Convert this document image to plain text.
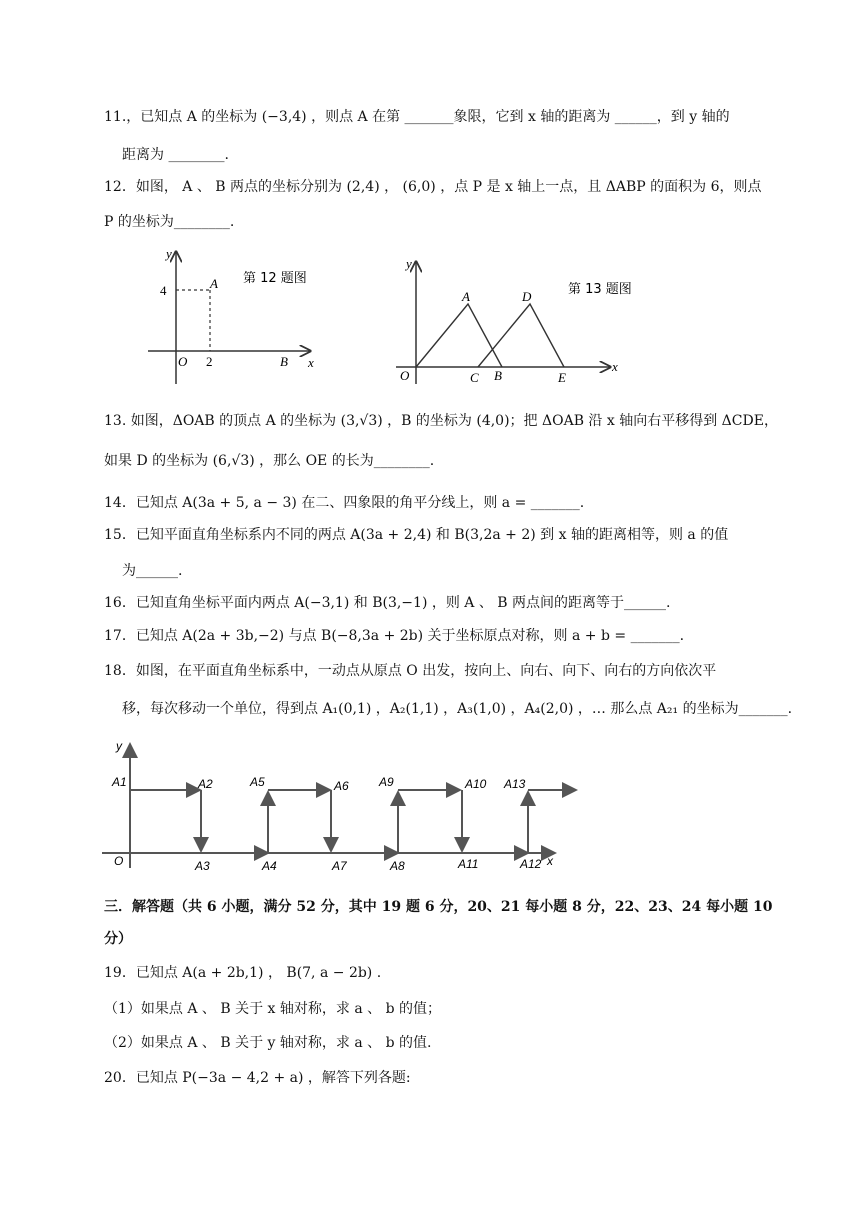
11.，已知点 A 的坐标为 (−3,4) ，则点 A 在第 _______象限，它到 x 轴的距离为 ______，到 y 轴的
距离为 ________.
12．如图， A 、 B 两点的坐标分别为 (2,4) ， (6,0) ，点 P 是 x 轴上一点，且 ΔABP 的面积为 6，则点
P 的坐标为________.
y
4	A
O 2	B x
第 12 题图
y
A	D
O	C B	E
x
第 13 题图
13. 如图，ΔOAB 的顶点 A 的坐标为 (3,√3) ，B 的坐标为 (4,0)；把 ΔOAB 沿 x 轴向右平移得到 ΔCDE，
如果 D 的坐标为 (6,√3) ，那么 OE 的长为________.
14．已知点 A(3a + 5, a − 3) 在二、四象限的角平分线上，则 a = _______.
15．已知平面直角坐标系内不同的两点 A(3a + 2,4) 和 B(3,2a + 2) 到 x 轴的距离相等，则 a 的值
为______.
16．已知直角坐标平面内两点 A(−3,1) 和 B(3,−1) ，则 A 、 B 两点间的距离等于______.
17．已知点 A(2a + 3b,−2) 与点 B(−8,3a + 2b) 关于坐标原点对称，则 a + b = _______.
18．如图，在平面直角坐标系中，一动点从原点 O 出发，按向上、向右、向下、向右的方向依次平
移，每次移动一个单位，得到点 A₁(0,1) ，A₂(1,1) ，A₃(1,0) ，A₄(2,0) ，… 那么点 A₂₁ 的坐标为_______.
y
O	x
A1	A2	A5	A6	A9	A10 A13
A3	A4	A7	A8	A11	A12
三．解答题（共 6 小题，满分 52 分，其中 19 题 6 分，20、21 每小题 8 分，22、23、24 每小题 10
分）
19．已知点 A(a + 2b,1) ， B(7, a − 2b) .
（1）如果点 A 、 B 关于 x 轴对称，求 a 、 b 的值；
（2）如果点 A 、 B 关于 y 轴对称，求 a 、 b 的值.
20．已知点 P(−3a − 4,2 + a) ，解答下列各题:
